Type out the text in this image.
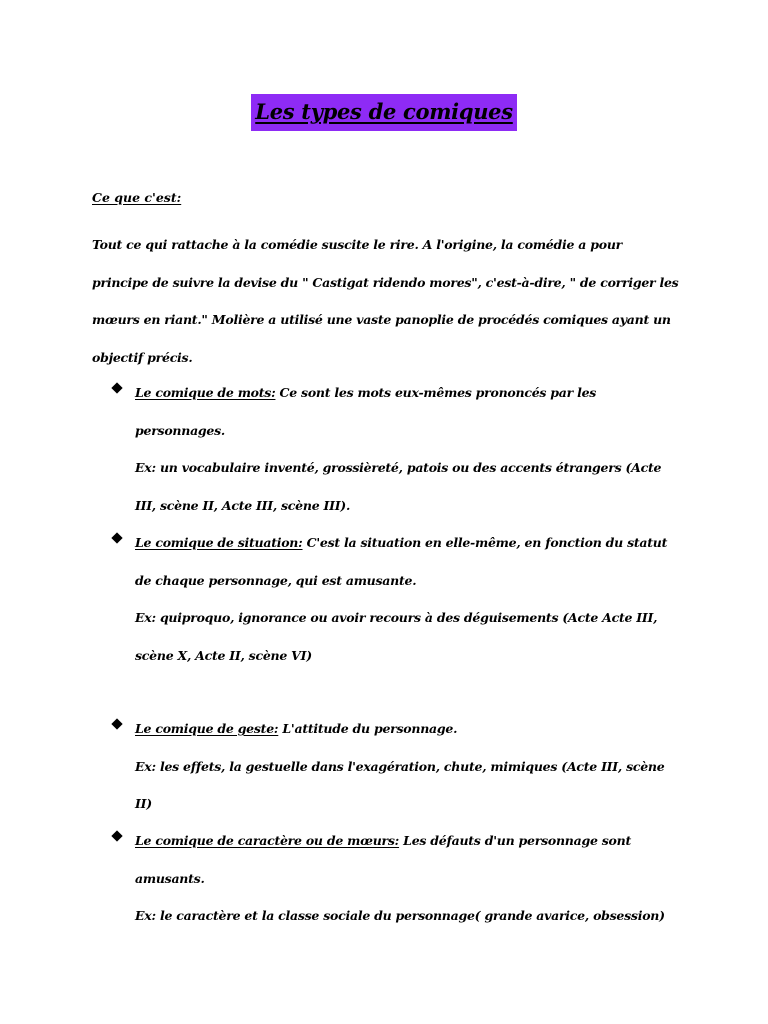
Les types de comiques
Ce que c'est:
Tout ce qui rattache à la comédie suscite le rire. A l'origine, la comédie a pour principe de suivre la devise du " Castigat ridendo mores", c'est-à-dire, " de corriger les mœurs en riant." Molière a utilisé une vaste panoplie de procédés comiques ayant un objectif précis.
Le comique de mots: Ce sont les mots eux-mêmes prononcés par les personnages.
Ex: un vocabulaire inventé, grossièreté, patois ou des accents étrangers (Acte III, scène II, Acte III, scène III).
Le comique de situation: C'est la situation en elle-même, en fonction du statut de chaque personnage, qui est amusante.
Ex: quiproquo, ignorance ou avoir recours à des déguisements (Acte Acte III, scène X, Acte II, scène VI)
Le comique de geste: L'attitude du personnage.
Ex: les effets, la gestuelle dans l'exagération, chute, mimiques (Acte III, scène II)
Le comique de caractère ou de mœurs: Les défauts d'un personnage sont amusants.
Ex: le caractère et la classe sociale du personnage( grande avarice, obsession)
